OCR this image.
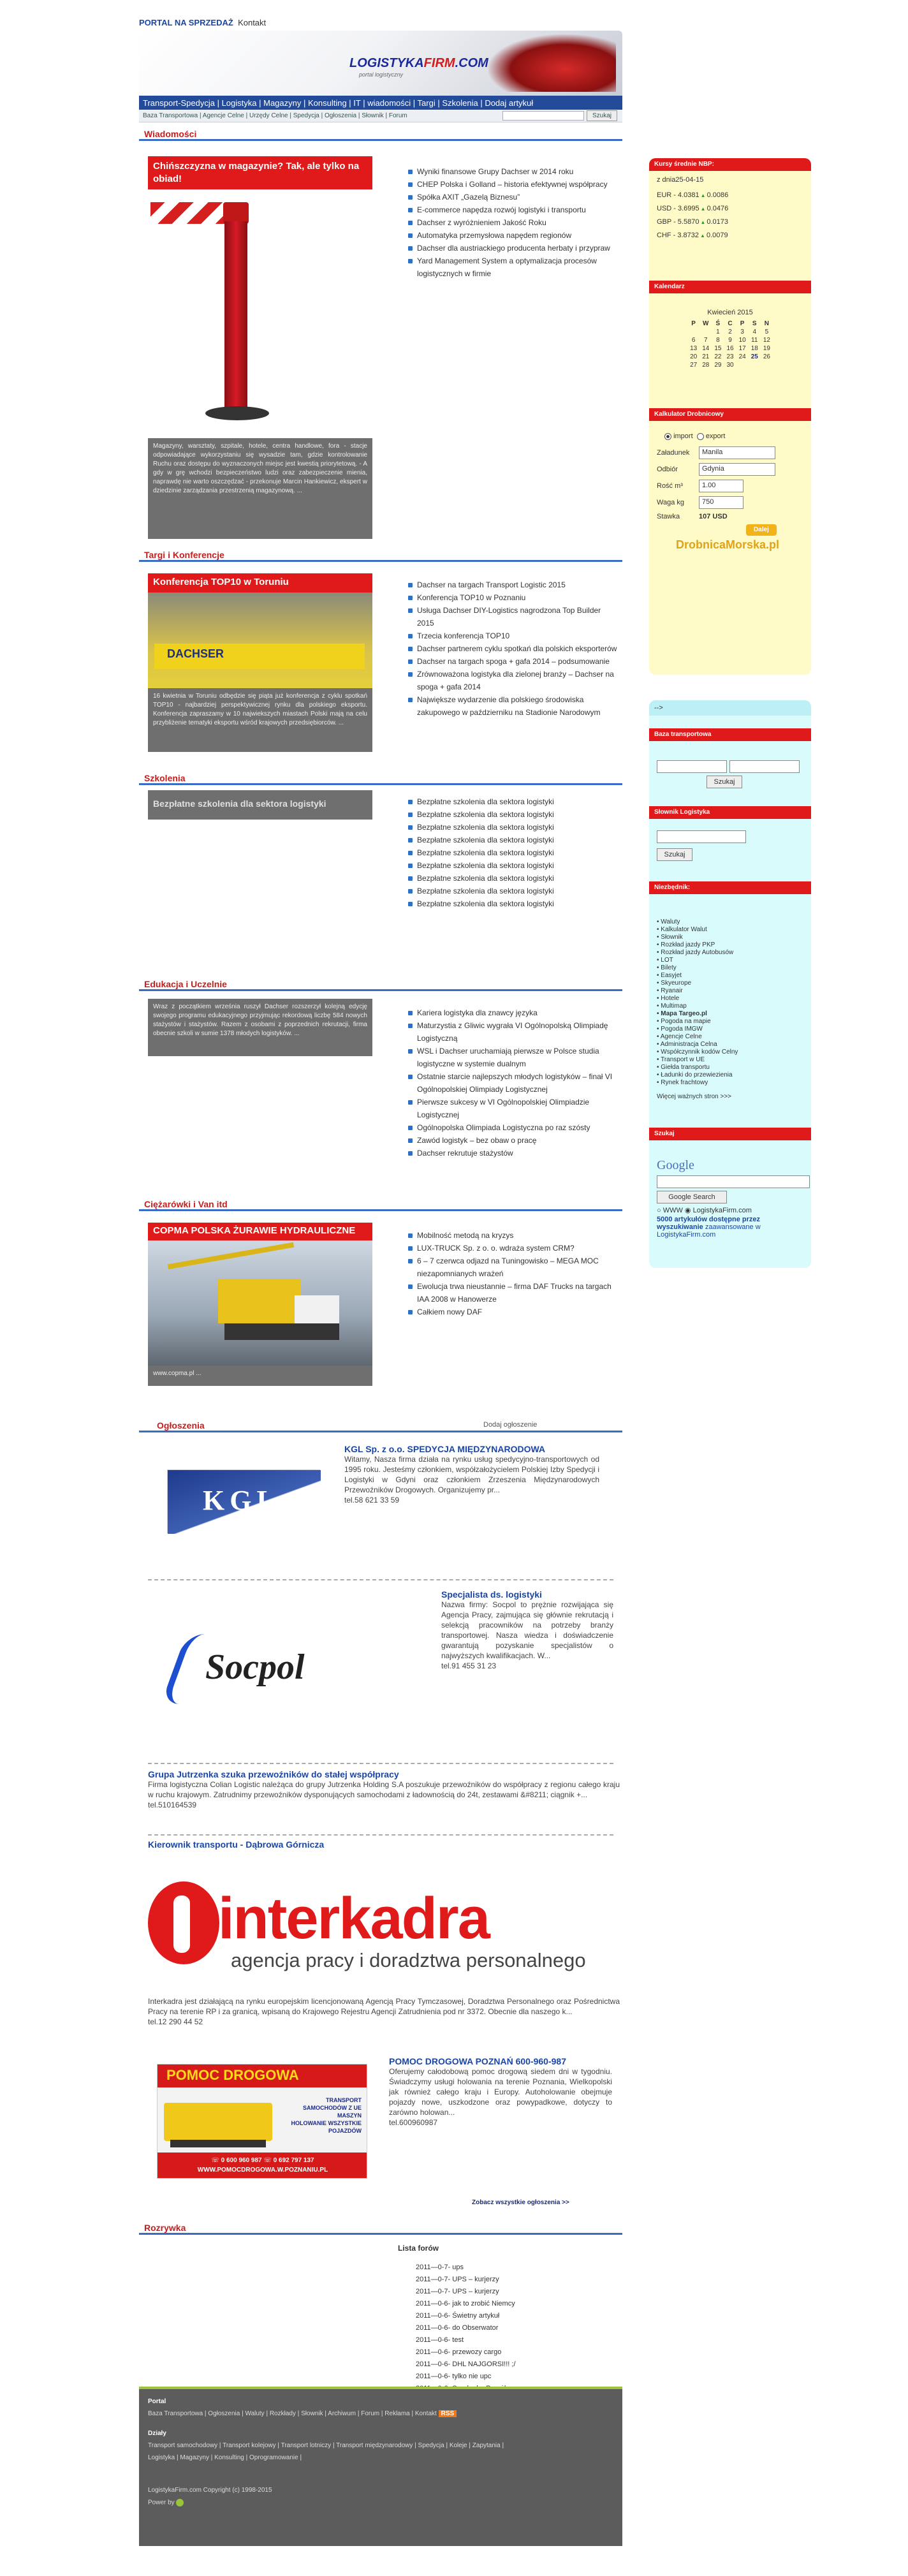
PORTAL NA SPRZEDAŻ Kontakt
LOGISTYKAFIRM.COM
portal logistyczny
Transport-Spedycja | Logistyka | Magazyny | Konsulting | IT | wiadomości | Targi | Szkolenia | Dodaj artykuł
Baza Transportowa | Agencje Celne | Urzędy Celne | Spedycja | Ogłoszenia | Słownik | Forum	Szukaj
Wiadomości
Chińszczyzna w magazynie? Tak, ale tylko na obiad!
Magazyny, warsztaty, szpitale, hotele, centra handlowe, fora - stacje odpowiadające wykorzystaniu się wysadzie tam, gdzie kontrolowanie Ruchu oraz dostępu do wyznaczonych miejsc jest kwestią priorytetową. - A gdy w grę wchodzi bezpieczeństwo ludzi oraz zabezpieczenie mienia, naprawdę nie warto oszczędzać - przekonuje Marcin Hankiewicz, ekspert w dziedzinie zarządzania przestrzenią magazynową. ...
Wyniki finansowe Grupy Dachser w 2014 roku
CHEP Polska i Golland – historia efektywnej współpracy
Spółka AXIT „Gazelą Biznesu”
E-commerce napędza rozwój logistyki i transportu
Dachser z wyróżnieniem Jakość Roku
Automatyka przemysłowa napędem regionów
Dachser dla austriackiego producenta herbaty i przypraw
Yard Management System a optymalizacja procesów logistycznych w firmie
Targi i Konferencje
Konferencja TOP10 w Toruniu
DACHSER
16 kwietnia w Toruniu odbędzie się piąta już konferencja z cyklu spotkań TOP10 - najbardziej perspektywicznej rynku dla polskiego eksportu. Konferencja zapraszamy w 10 najwiekszych miastach Polski mają na celu przybliżenie tematyki eksportu wśród krajowych przedsiębiorców. ...
Dachser na targach Transport Logistic 2015
Konferencja TOP10 w Poznaniu
Usługa Dachser DIY-Logistics nagrodzona Top Builder 2015
Trzecia konferencja TOP10
Dachser partnerem cyklu spotkań dla polskich eksporterów
Dachser na targach spoga + gafa 2014 – podsumowanie
Zrównoważona logistyka dla zielonej branży – Dachser na spoga + gafa 2014
Największe wydarzenie dla polskiego środowiska zakupowego w październiku na Stadionie Narodowym
Szkolenia
Bezpłatne szkolenia dla sektora logistyki	Bezpłatne szkolenia dla sektora logistyki
Bezpłatne szkolenia dla sektora logistyki
Bezpłatne szkolenia dla sektora logistyki
Bezpłatne szkolenia dla sektora logistyki
Bezpłatne szkolenia dla sektora logistyki
Bezpłatne szkolenia dla sektora logistyki
Bezpłatne szkolenia dla sektora logistyki
Bezpłatne szkolenia dla sektora logistyki
Bezpłatne szkolenia dla sektora logistyki
Edukacja i Uczelnie
Wraz z początkiem września ruszył Dachser rozszerzył kolejną edycję swojego programu edukacyjnego przyjmując rekordową liczbę 584 nowych stażystów i stażystów. Razem z osobami z poprzednich rekrutacji, firma obecnie szkoli w sumie 1378 młodych logistyków. ...
Kariera logistyka dla znawcy języka
Maturzystia z Gliwic wygrała VI Ogólnopolską Olimpiadę Logistyczną
WSL i Dachser uruchamiają pierwsze w Polsce studia logistyczne w systemie dualnym
Ostatnie starcie najlepszych młodych logistyków – finał VI Ogólnopolskiej Olimpiady Logistycznej
Pierwsze sukcesy w VI Ogólnopolskiej Olimpiadzie Logistycznej
Ogólnopolska Olimpiada Logistyczna po raz szósty
Zawód logistyk – bez obaw o pracę
Dachser rekrutuje stażystów
Ciężarówki i Van itd
COPMA POLSKA ŻURAWIE HYDRAULICZNE
www.copma.pl ...
Mobilność metodą na kryzys
LUX-TRUCK Sp. z o. o. wdraża system CRM?
6 – 7 czerwca odjazd na Tuningowisko – MEGA MOC niezapomnianych wrażeń
Ewolucja trwa nieustannie – firma DAF Trucks na targach IAA 2008 w Hanowerze
Całkiem nowy DAF
Ogłoszenia	Dodaj ogłoszenie
KGL
KGL Sp. z o.o. SPEDYCJA MIĘDZYNARODOWA

Witamy, Nasza firma działa na rynku usług spedycyjno-transportowych od 1995 roku. Jesteśmy członkiem, współzałożycielem Polskiej Izby Spedycji i Logistyki w Gdyni oraz członkiem Zrzeszenia Międzynarodowych Przewoźników Drogowych. Organizujemy pr...

tel.58 621 33 59

Socpol
Specjalista ds. logistyki

Nazwa firmy: Socpol to prężnie rozwijająca się Agencja Pracy, zajmująca się głównie rekrutacją i selekcją pracowników na potrzeby branży transportowej. Nasza wiedza i doświadczenie gwarantują pozyskanie specjalistów o najwyższych kwalifikacjach. W...

tel.91 455 31 23

Grupa Jutrzenka szuka przewoźników do stałej współpracy

Firma logistyczna Colian Logistic należąca do grupy Jutrzenka Holding S.A poszukuje przewoźników do współpracy z regionu całego kraju w ruchu krajowym. Zatrudnimy przewoźników dysponujących samochodami z ładownością do 24t, zestawami &#8211; ciągnik +...

tel.510164539

Kierownik transportu - Dąbrowa Górnicza
interkadra
agencja pracy i doradztwa personalnego

Interkadra jest działającą na rynku europejskim licencjonowaną Agencją Pracy Tymczasowej, Doradztwa Personalnego oraz Pośrednictwa Pracy na terenie RP i za granicą, wpisaną do Krajowego Rejestru Agencji Zatrudnienia pod nr 3372. Obecnie dla naszego k...

tel.12 290 44 52

POMOC DROGOWA
TRANSPORT SAMOCHODÓW Z UE
MASZYN
HOLOWANIE WSZYSTKIE POJAZDÓW
☏ 0 600 960 987 ☏ 0 692 797 137
WWW.POMOCDROGOWA.W.POZNANIU.PL
POMOC DROGOWA POZNAŃ 600-960-987

Oferujemy całodobową pomoc drogową siedem dni w tygodniu. Świadczymy usługi holowania na terenie Poznania, Wielkopolski jak również całego kraju i Europy. Autoholowanie obejmuje pojazdy nowe, uszkodzone oraz powypadkowe, dotyczy to zarówno holowan...

tel.600960987

Zobacz wszystkie ogłoszenia >>
Rozrywka
Lista forów
2011—0-7- ups
2011—0-7- UPS – kurjerzy
2011—0-7- UPS – kurjerzy
2011—0-6- jak to zrobić Niemcy
2011—0-6- Świetny artykuł
2011—0-6- do Obserwator
2011—0-6- test
2011—0-6- przewozy cargo
2011—0-6- DHL NAJGORSI!!! ;/
2011—0-6- tylko nie upc
Portal
Baza Transportowa | Ogłoszenia | Waluty | Rozkłady | Słownik | Archiwum | Forum | Reklama | Kontakt RSS
Działy
Transport samochodowy | Transport kolejowy | Transport lotniczy | Transport międzynarodowy | Spedycja | Koleje | Zapytania |
Logistyka | Magazyny | Konsulting | Oprogramowanie |
LogistykaFirm.com Copyright (c) 1998-2015
Power by
Kursy średnie NBP:
z dnia25-04-15
EUR - 4.0381 ▲ 0.0086
USD - 3.6995 ▲ 0.0476
GBP - 5.5870 ▲ 0.0173
CHF - 3.8732 ▲ 0.0079
Kalendarz
Kwiecień 2015
P	W	Ś	C	P	S	N
		1	2	3	4	5
6	7	8	9	10	11	12
13	14	15	16	17	18	19
20	21	22	23	24	25	26
27	28	29	30			
Kalkulator Drobnicowy
import export
Załadunek	Manila
Odbiór	Gdynia
Rość m³	1.00
Waga kg	750
Stawka	107
USD
Dalej
DrobnicaMorska.pl
-->
Baza transportowa
Szukaj
Słownik Logistyka
Szukaj
Niezbędnik:
• Waluty
• Kalkulator Walut
• Słownik
• Rozkład jazdy PKP
• Rozkład jazdy Autobusów
• LOT
• Bilety
• Easyjet
• Skyeurope
• Ryanair
• Hotele
• Multimap
• Mapa Targeo.pl
• Pogoda na mapie
• Pogoda IMGW
• Agencje Celne
• Administracja Celna
• Współczynnik kodów Celny
• Transport w UE
• Giełda transportu
• Ładunki do przewiezienia
• Rynek frachtowy
Więcej ważnych stron >>>
Szukaj
Google
Google Search
○ WWW ◉ LogistykaFirm.com
5000 artykułów dostępne przez wyszukiwanie zaawansowane w LogistykaFirm.com
